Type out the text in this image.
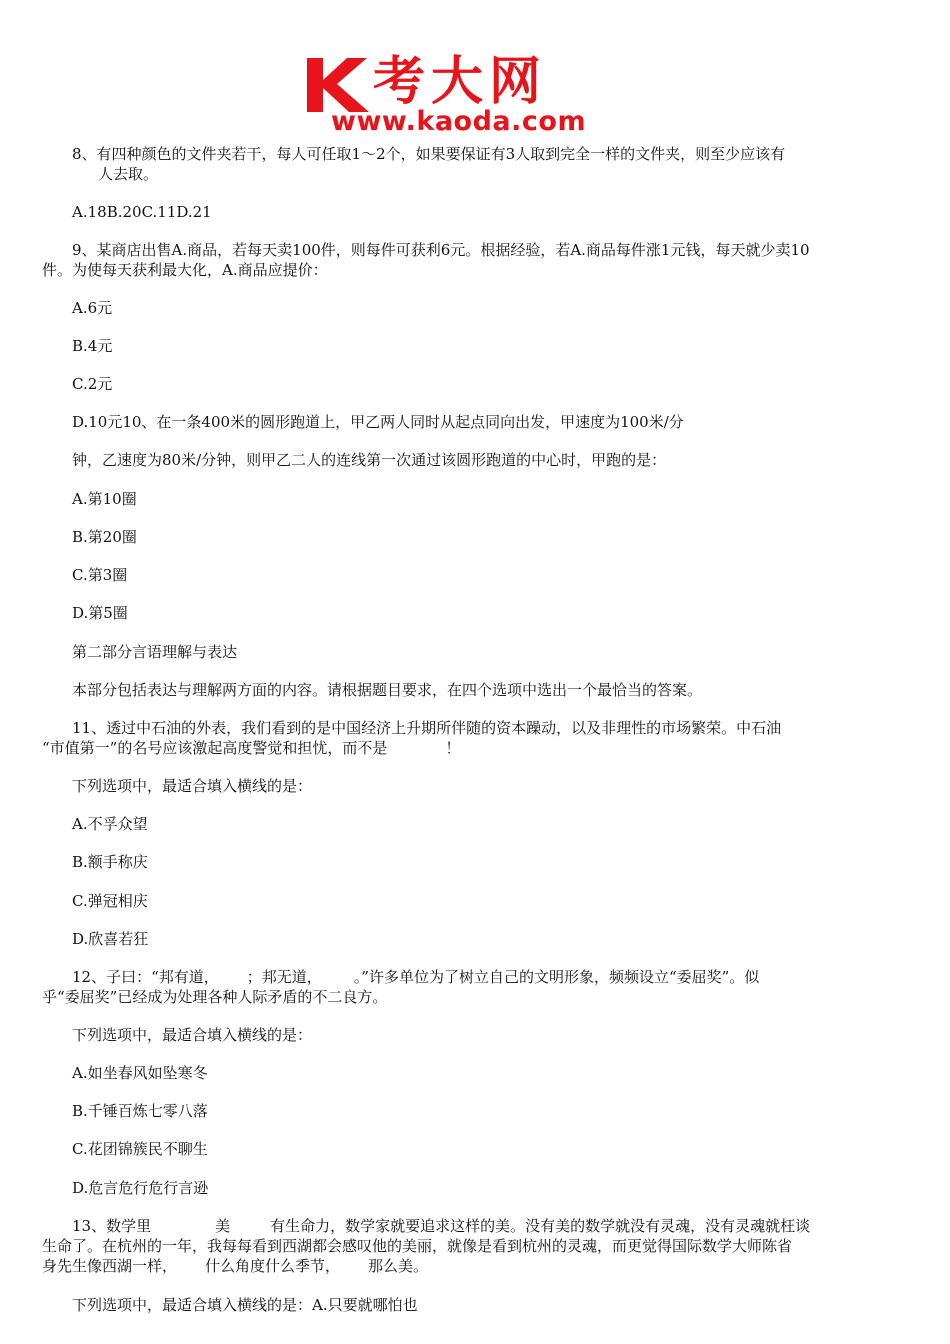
考大网
www.kaoda.com

8、有四种颜色的文件夹若干，每人可任取1～2个，如果要保证有3人取到完全一样的文件夹，则至少应该有

人去取。

A.18B.20C.11D.21

9、某商店出售A.商品，若每天卖100件，则每件可获利6元。根据经验，若A.商品每件涨1元钱，每天就少卖10

件。为使每天获利最大化，A.商品应提价：

A.6元

B.4元

C.2元

D.10元10、在一条400米的圆形跑道上，甲乙两人同时从起点同向出发，甲速度为100米/分

钟，乙速度为80米/分钟，则甲乙二人的连线第一次通过该圆形跑道的中心时，甲跑的是：

A.第10圈

B.第20圈

C.第3圈

D.第5圈

第二部分言语理解与表达

本部分包括表达与理解两方面的内容。请根据题目要求，在四个选项中选出一个最恰当的答案。

11、透过中石油的外表，我们看到的是中国经济上升期所伴随的资本躁动，以及非理性的市场繁荣。中石油

“市值第一”的名号应该激起高度警觉和担忧，而不是	！

下列选项中，最适合填入横线的是：

A.不孚众望

B.额手称庆

C.弹冠相庆

D.欣喜若狂

12、子曰：“邦有道， ；邦无道， 。”许多单位为了树立自己的文明形象，频频设立“委屈奖”。似

乎“委屈奖”已经成为处理各种人际矛盾的不二良方。

下列选项中，最适合填入横线的是：

A.如坐春风如坠寒冬

B.千锤百炼七零八落

C.花团锦簇民不聊生

D.危言危行危行言逊

13、数学里	美	有生命力，数学家就要追求这样的美。没有美的数学就没有灵魂，没有灵魂就枉谈

生命了。在杭州的一年，我每每看到西湖都会感叹他的美丽，就像是看到杭州的灵魂，而更觉得国际数学大师陈省

身先生像西湖一样， 什么角度什么季节， 那么美。

下列选项中，最适合填入横线的是：A.只要就哪怕也
